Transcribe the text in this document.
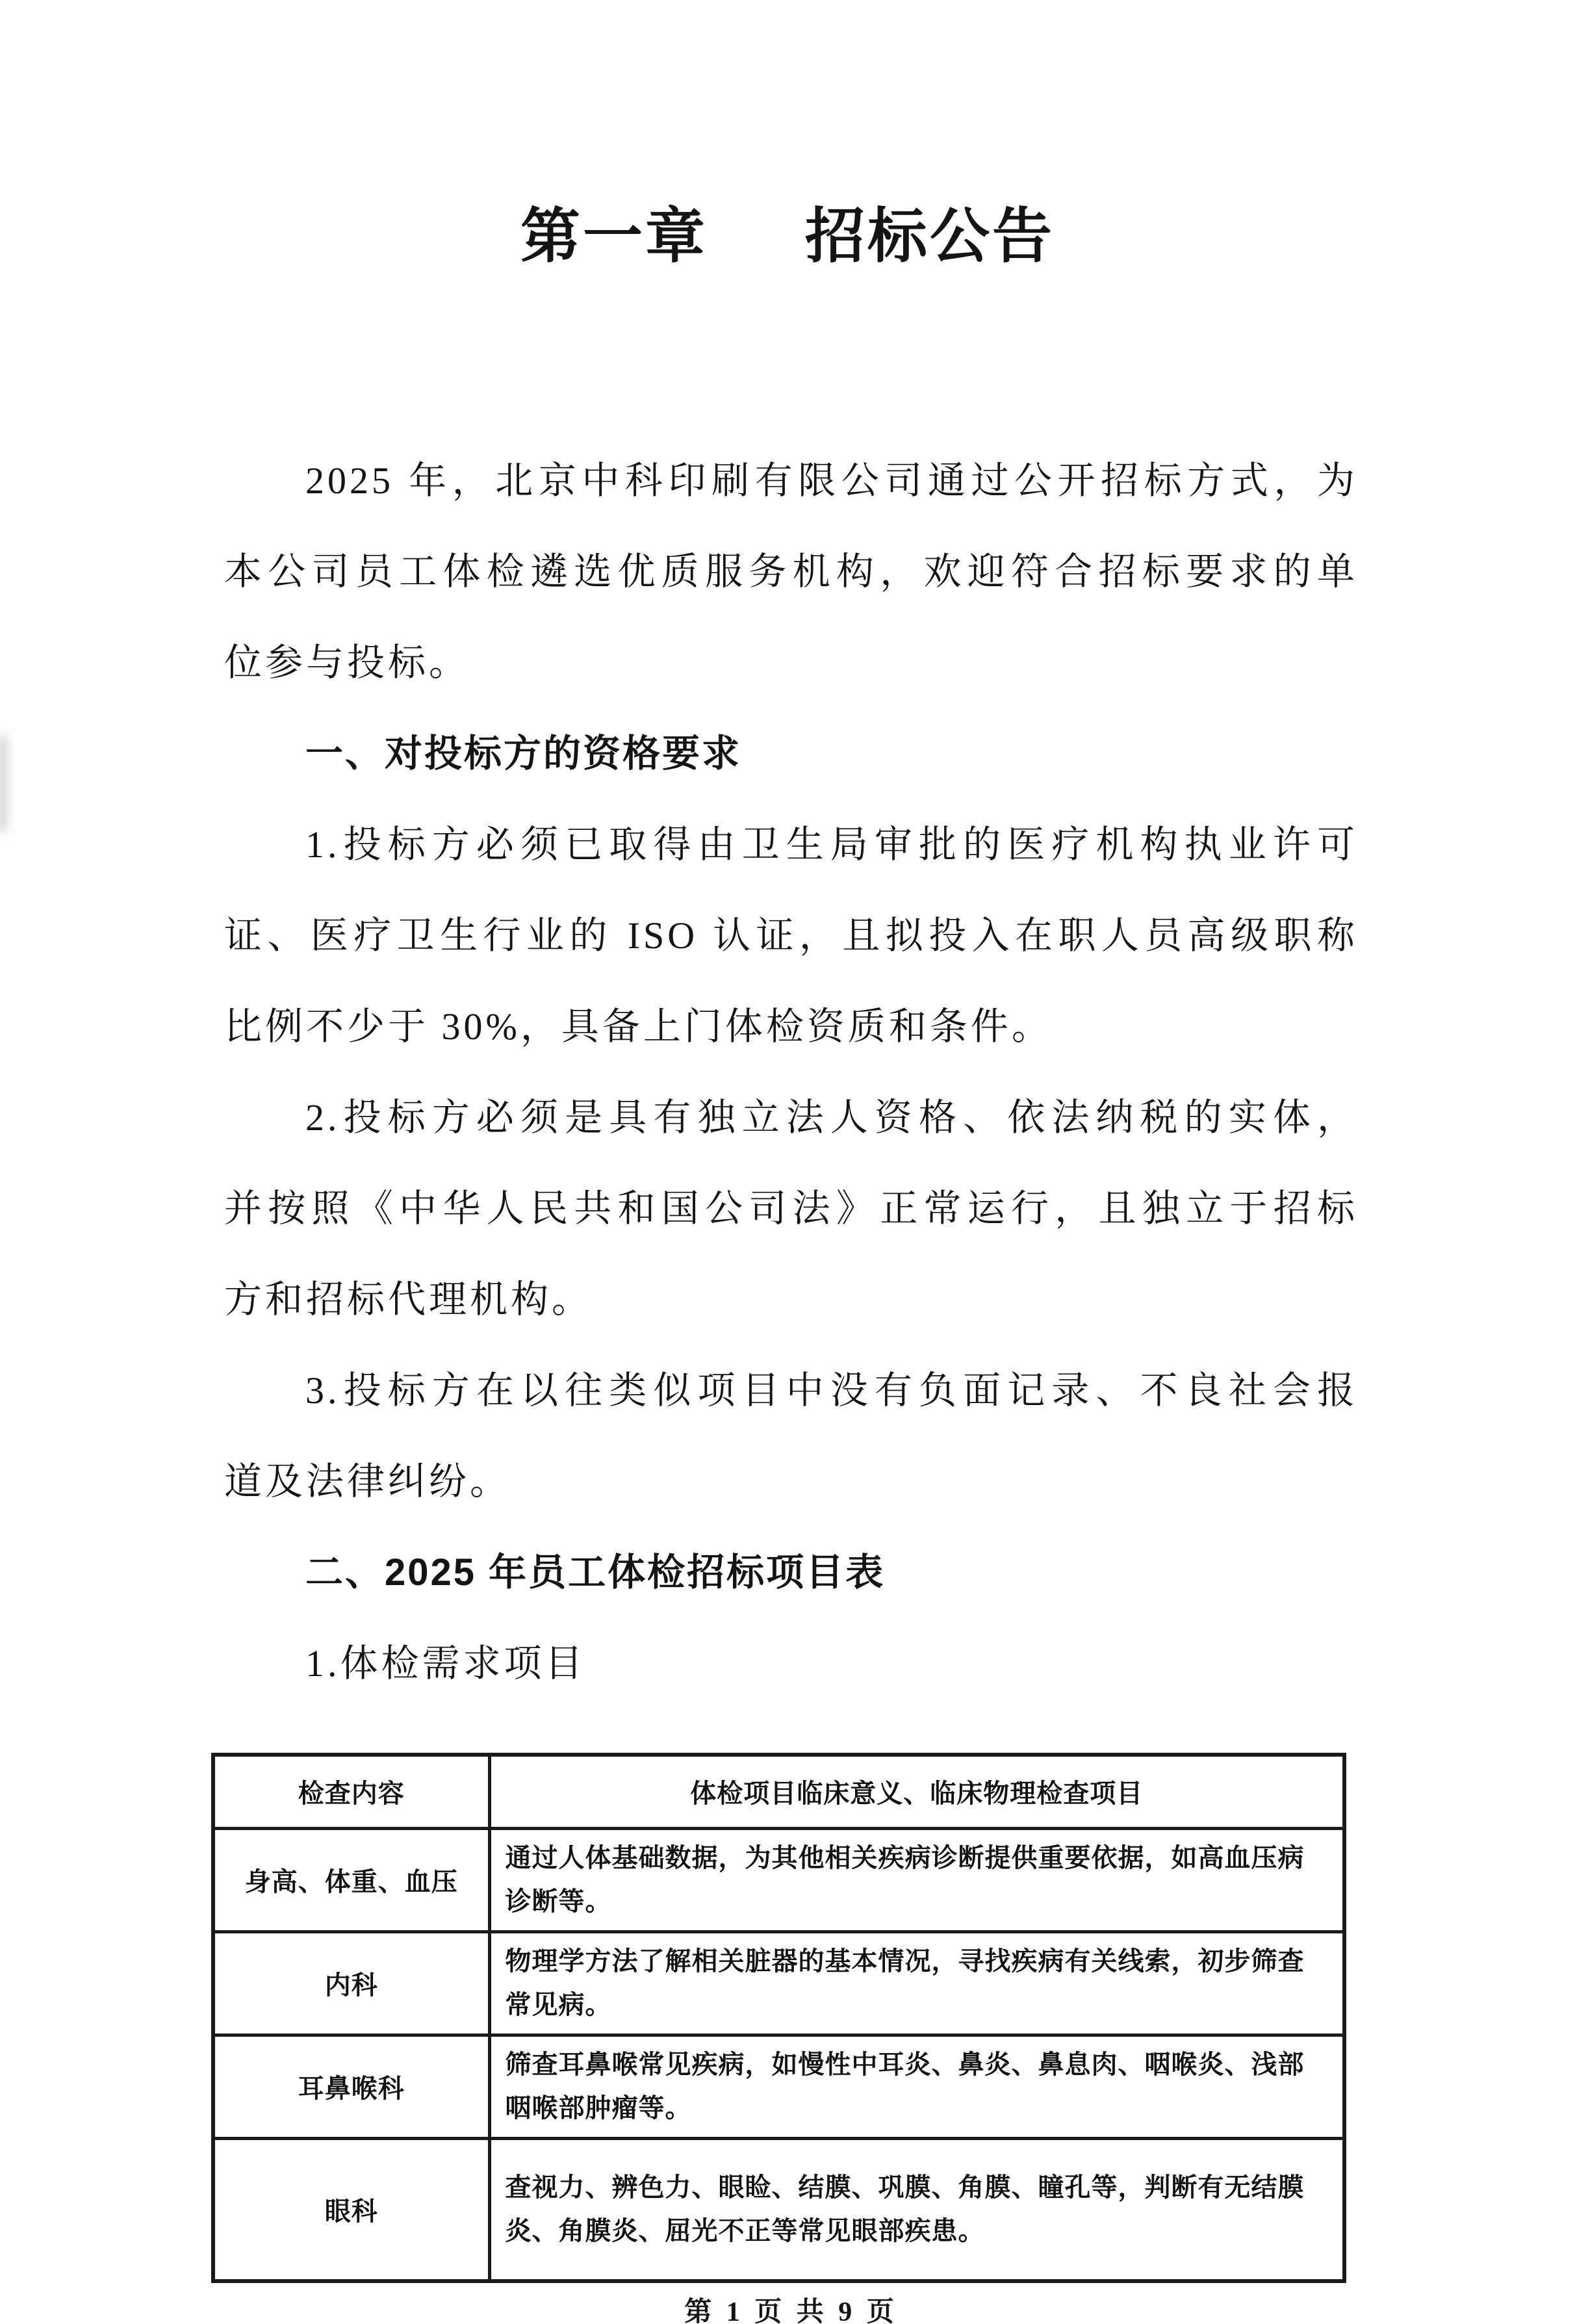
第一章 招标公告
2025 年，北京中科印刷有限公司通过公开招标方式，为
本公司员工体检遴选优质服务机构，欢迎符合招标要求的单
位参与投标。
一、对投标方的资格要求
1.投标方必须已取得由卫生局审批的医疗机构执业许可
证、医疗卫生行业的 ISO 认证，且拟投入在职人员高级职称
比例不少于 30%，具备上门体检资质和条件。
2.投标方必须是具有独立法人资格、依法纳税的实体，
并按照《中华人民共和国公司法》正常运行，且独立于招标
方和招标代理机构。
3.投标方在以往类似项目中没有负面记录、不良社会报
道及法律纠纷。
二、2025 年员工体检招标项目表
1.体检需求项目
检查内容	体检项目临床意义、临床物理检查项目
身高、体重、血压	通过人体基础数据，为其他相关疾病诊断提供重要依据，如高血压病诊断等。
内科	物理学方法了解相关脏器的基本情况，寻找疾病有关线索，初步筛查常见病。
耳鼻喉科	筛查耳鼻喉常见疾病，如慢性中耳炎、鼻炎、鼻息肉、咽喉炎、浅部咽喉部肿瘤等。
眼科	查视力、辨色力、眼睑、结膜、巩膜、角膜、瞳孔等，判断有无结膜炎、角膜炎、屈光不正等常见眼部疾患。
第 1 页 共 9 页
